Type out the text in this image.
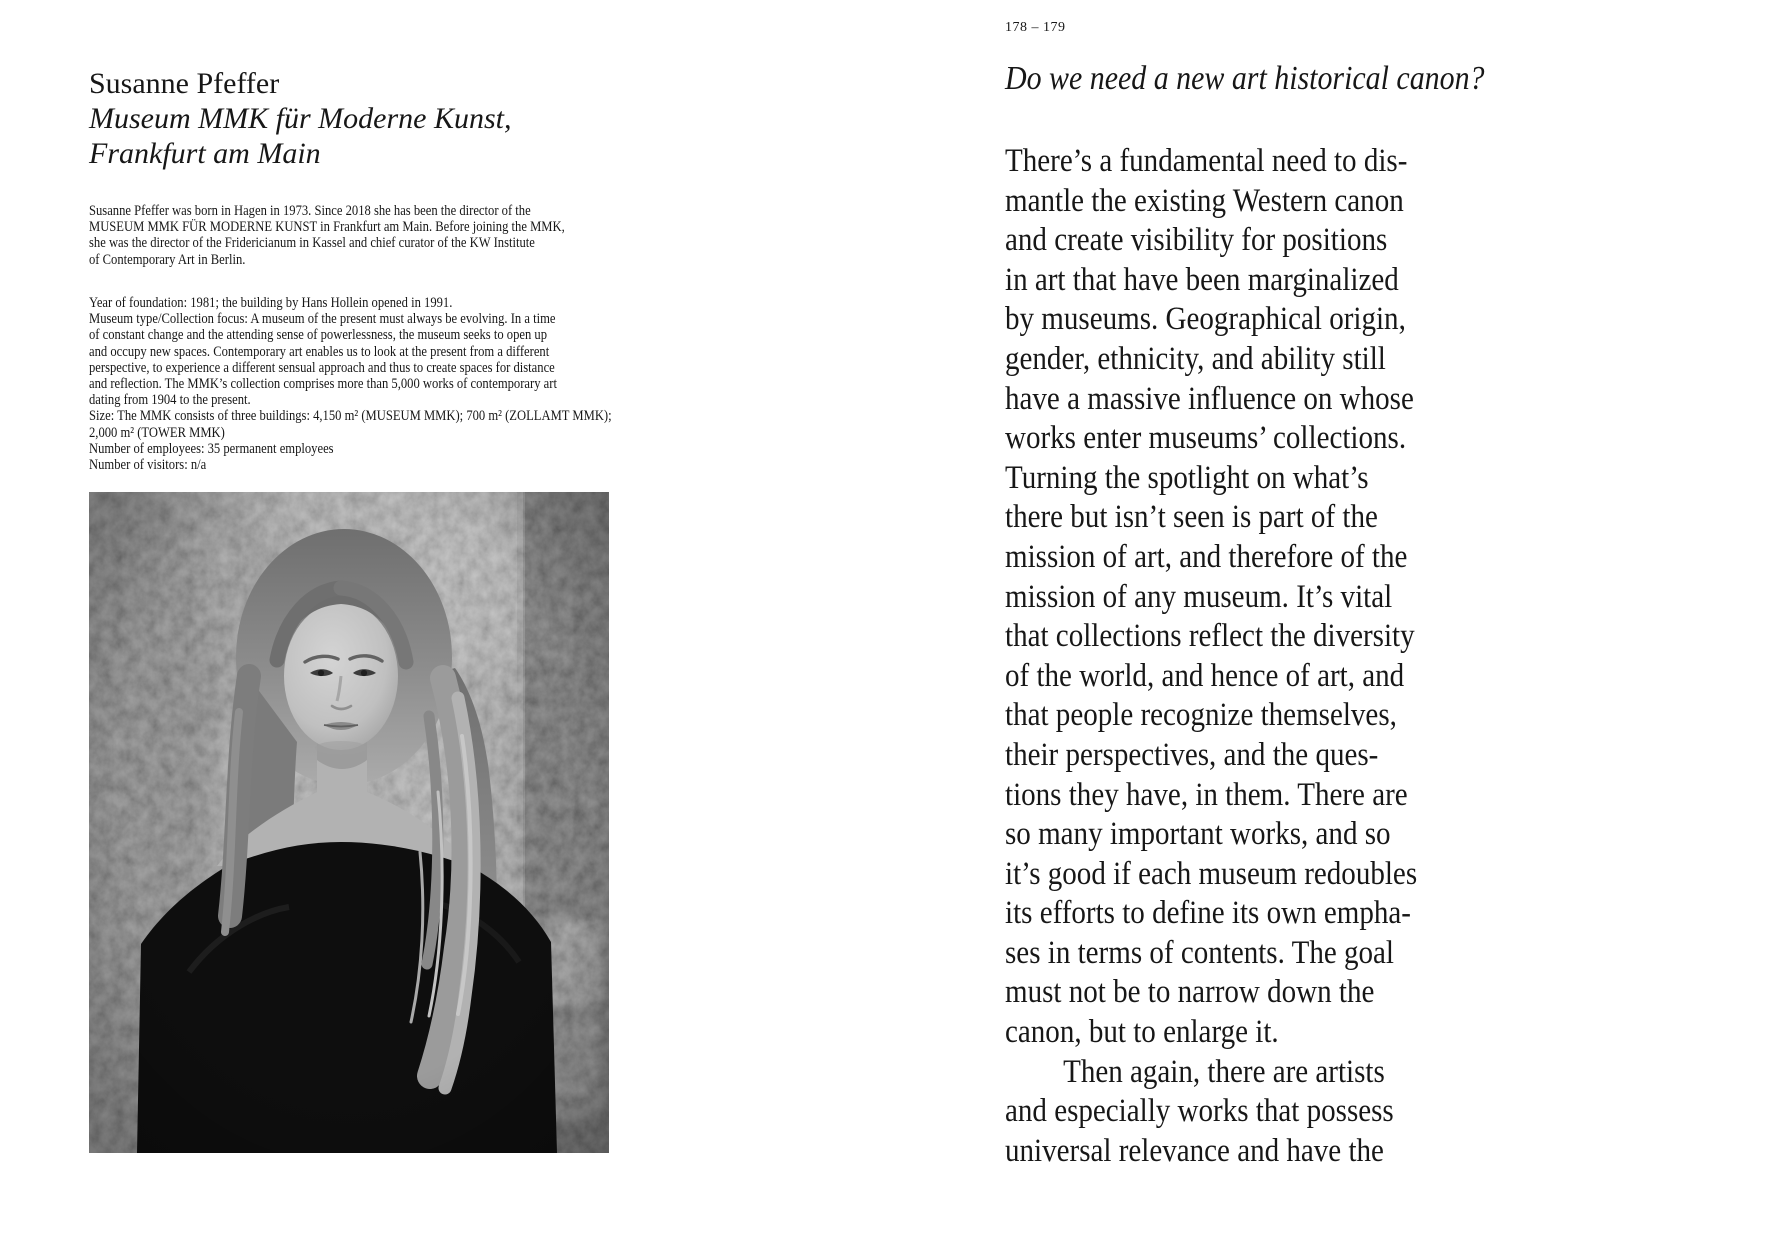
Susanne Pfeffer
Museum MMK für Moderne Kunst,
Frankfurt am Main
Susanne Pfeffer was born in Hagen in 1973. Since 2018 she has been the director of the
MUSEUM MMK FÜR MODERNE KUNST in Frankfurt am Main. Before joining the MMK,
she was the director of the Fridericianum in Kassel and chief curator of the KW Institute
of Contemporary Art in Berlin.
Year of foundation: 1981; the building by Hans Hollein opened in 1991.
Museum type/Collection focus: A museum of the present must always be evolving. In a time
of constant change and the attending sense of powerlessness, the museum seeks to open up
and occupy new spaces. Contemporary art enables us to look at the present from a different
perspective, to experience a different sensual approach and thus to create spaces for distance
and reflection. The MMK’s collection comprises more than 5,000 works of contemporary art
dating from 1904 to the present.
Size: The MMK consists of three buildings: 4,150 m² (MUSEUM MMK); 700 m² (ZOLLAMT MMK);
2,000 m² (TOWER MMK)
Number of employees: 35 permanent employees
Number of visitors: n/a
178 – 179
Do we need a new art historical canon?
There’s a fundamental need to dis-
mantle the existing Western canon
and create visibility for positions
in art that have been marginalized
by museums. Geographical origin,
gender, ethnicity, and ability still
have a massive influence on whose
works enter museums’ collections.
Turning the spotlight on what’s
there but isn’t seen is part of the
mission of art, and therefore of the
mission of any museum. It’s vital
that collections reflect the diversity
of the world, and hence of art, and
that people recognize themselves,
their perspectives, and the ques-
tions they have, in them. There are
so many important works, and so
it’s good if each museum redoubles
its efforts to define its own empha-
ses in terms of contents. The goal
must not be to narrow down the
canon, but to enlarge it.
  Then again, there are artists
and especially works that possess
universal relevance and have the
